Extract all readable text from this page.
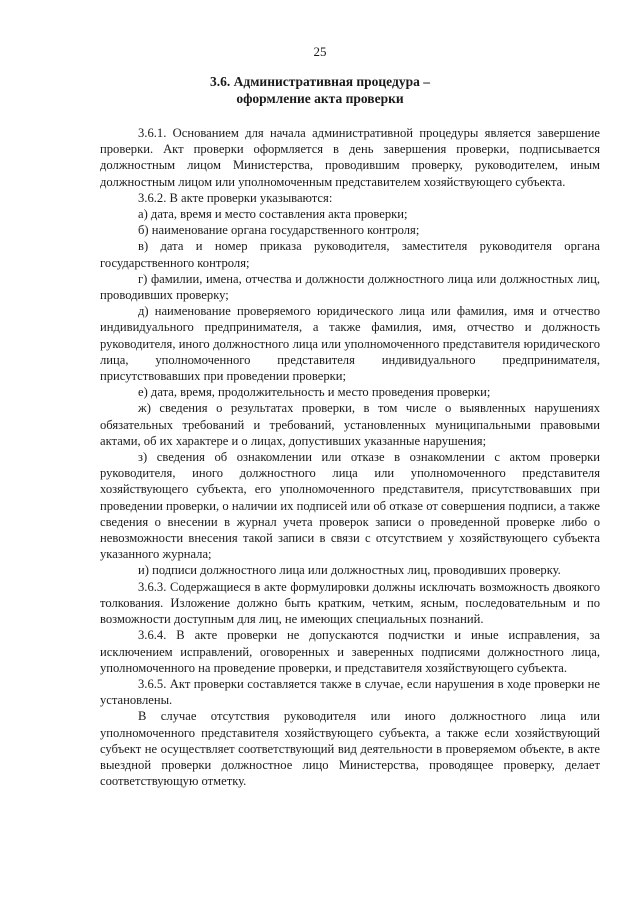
25
3.6. Административная процедура –
оформление акта проверки

3.6.1. Основанием для начала административной процедуры является завершение проверки. Акт проверки оформляется в день завершения проверки, подписывается должностным лицом Министерства, проводившим проверку, руководителем, иным должностным лицом или уполномоченным представителем хозяйствующего субъекта.

3.6.2. В акте проверки указываются:

а) дата, время и место составления акта проверки;

б) наименование органа государственного контроля;

в) дата и номер приказа руководителя, заместителя руководителя органа государственного контроля;

г) фамилии, имена, отчества и должности должностного лица или должностных лиц, проводивших проверку;

д) наименование проверяемого юридического лица или фамилия, имя и отчество индивидуального предпринимателя, а также фамилия, имя, отчество и должность руководителя, иного должностного лица или уполномоченного представителя юридического лица, уполномоченного представителя индивидуального предпринимателя, присутствовавших при проведении проверки;

е) дата, время, продолжительность и место проведения проверки;

ж) сведения о результатах проверки, в том числе о выявленных нарушениях обязательных требований и требований, установленных муниципальными правовыми актами, об их характере и о лицах, допустивших указанные нарушения;

з) сведения об ознакомлении или отказе в ознакомлении с актом проверки руководителя, иного должностного лица или уполномоченного представителя хозяйствующего субъекта, его уполномоченного представителя, присутствовавших при проведении проверки, о наличии их подписей или об отказе от совершения подписи, а также сведения о внесении в журнал учета проверок записи о проведенной проверке либо о невозможности внесения такой записи в связи с отсутствием у хозяйствующего субъекта указанного журнала;

и) подписи должностного лица или должностных лиц, проводивших проверку.

3.6.3. Содержащиеся в акте формулировки должны исключать возможность двоякого толкования. Изложение должно быть кратким, четким, ясным, последовательным и по возможности доступным для лиц, не имеющих специальных познаний.

3.6.4. В акте проверки не допускаются подчистки и иные исправления, за исключением исправлений, оговоренных и заверенных подписями должностного лица, уполномоченного на проведение проверки, и представителя хозяйствующего субъекта.

3.6.5. Акт проверки составляется также в случае, если нарушения в ходе проверки не установлены.

В случае отсутствия руководителя или иного должностного лица или уполномоченного представителя хозяйствующего субъекта, а также если хозяйствующий субъект не осуществляет соответствующий вид деятельности в проверяемом объекте, в акте выездной проверки должностное лицо Министерства, проводящее проверку, делает соответствующую отметку.
